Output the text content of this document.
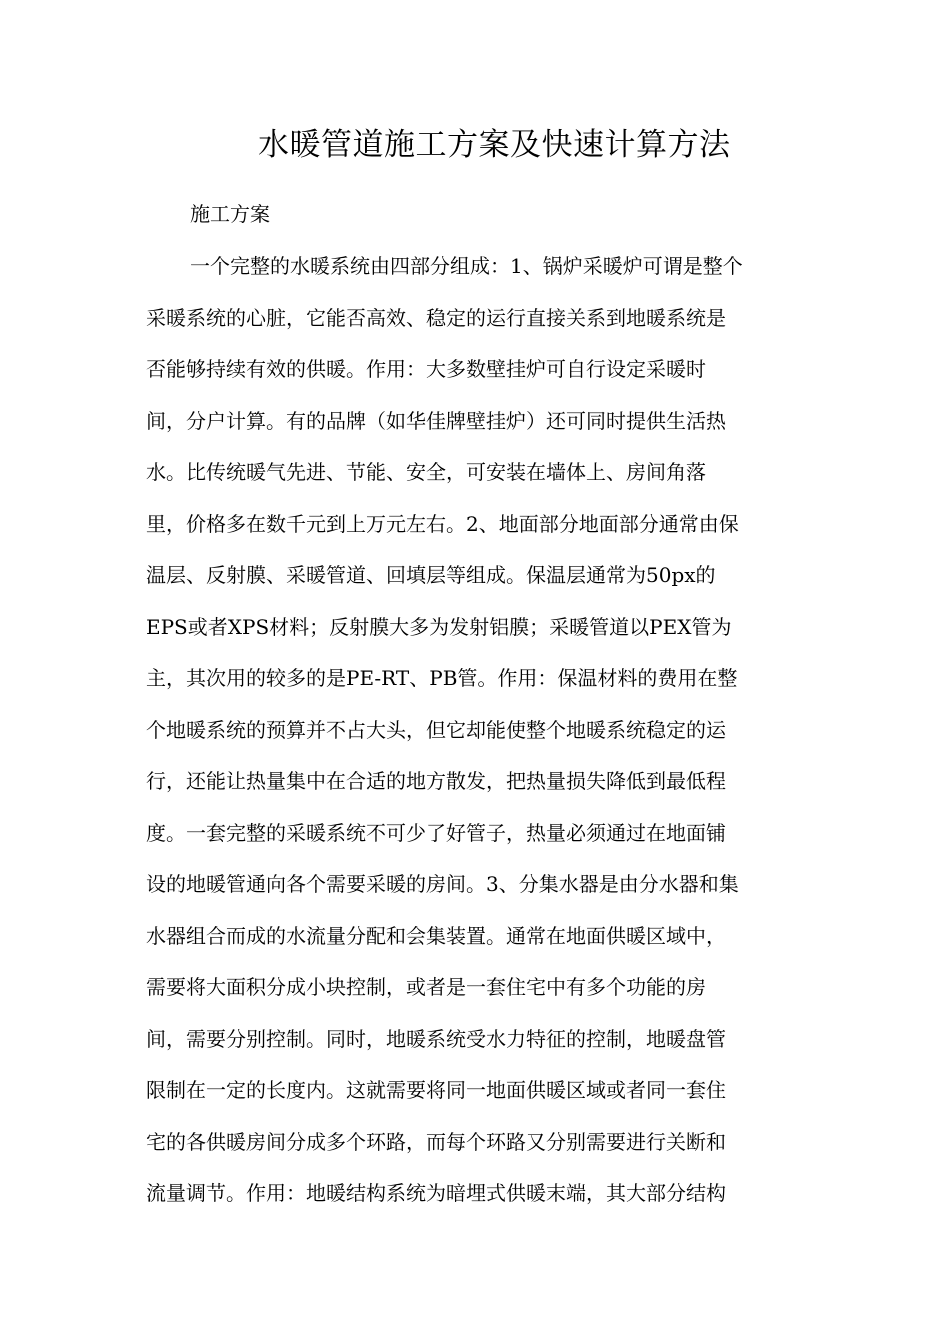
水暖管道施工方案及快速计算方法
施工方案
一个完整的水暖系统由四部分组成：1、锅炉采暖炉可谓是整个
采暖系统的心脏，它能否高效、稳定的运行直接关系到地暖系统是
否能够持续有效的供暖。作用：大多数壁挂炉可自行设定采暖时
间，分户计算。有的品牌（如华佳牌壁挂炉）还可同时提供生活热
水。比传统暖气先进、节能、安全，可安装在墙体上、房间角落
里，价格多在数千元到上万元左右。2、地面部分地面部分通常由保
温层、反射膜、采暖管道、回填层等组成。保温层通常为50px的
EPS或者XPS材料；反射膜大多为发射铝膜；采暖管道以PEX管为
主，其次用的较多的是PE-RT、PB管。作用：保温材料的费用在整
个地暖系统的预算并不占大头，但它却能使整个地暖系统稳定的运
行，还能让热量集中在合适的地方散发，把热量损失降低到最低程
度。一套完整的采暖系统不可少了好管子，热量必须通过在地面铺
设的地暖管通向各个需要采暖的房间。3、分集水器是由分水器和集
水器组合而成的水流量分配和会集装置。通常在地面供暖区域中，
需要将大面积分成小块控制，或者是一套住宅中有多个功能的房
间，需要分别控制。同时，地暖系统受水力特征的控制，地暖盘管
限制在一定的长度内。这就需要将同一地面供暖区域或者同一套住
宅的各供暖房间分成多个环路，而每个环路又分别需要进行关断和
流量调节。作用：地暖结构系统为暗埋式供暖末端，其大部分结构
